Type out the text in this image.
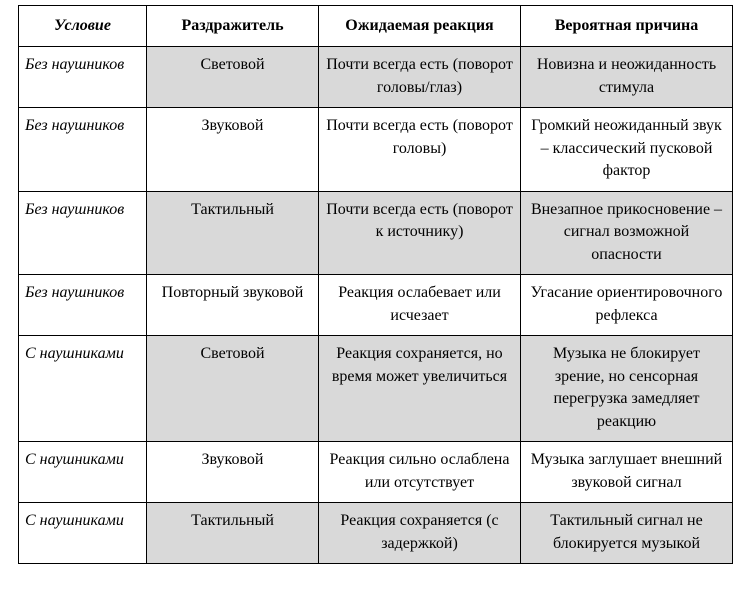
Условие	Раздражитель	Ожидаемая реакция	Вероятная причина
Без наушников	Световой	Почти всегда есть (поворот головы/глаз)	Новизна и неожиданность стимула
Без наушников	Звуковой	Почти всегда есть (поворот головы)	Громкий неожиданный звук – классический пусковой фактор
Без наушников	Тактильный	Почти всегда есть (поворот к источнику)	Внезапное прикосновение – сигнал возможной опасности
Без наушников	Повторный звуковой	Реакция ослабевает или исчезает	Угасание ориентировочного рефлекса
С наушниками	Световой	Реакция сохраняется, но время может увеличиться	Музыка не блокирует зрение, но сенсорная перегрузка замедляет реакцию
С наушниками	Звуковой	Реакция сильно ослаблена или отсутствует	Музыка заглушает внешний звуковой сигнал
С наушниками	Тактильный	Реакция сохраняется (с задержкой)	Тактильный сигнал не блокируется музыкой
